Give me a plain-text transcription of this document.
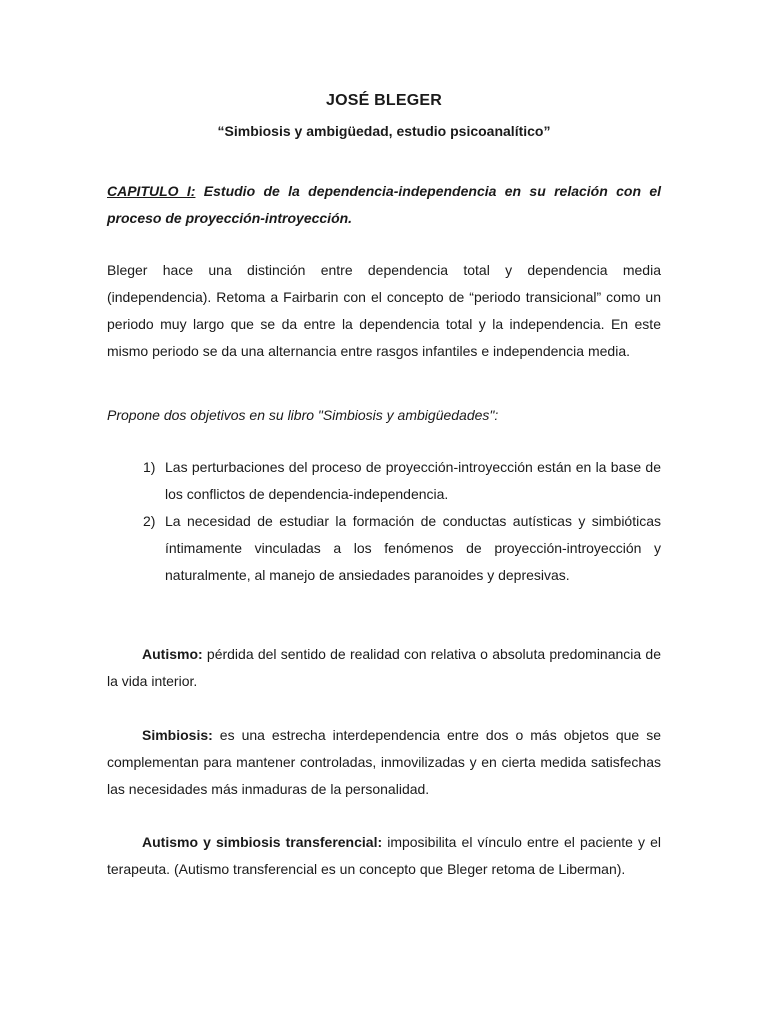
JOSÉ BLEGER
“Simbiosis y ambigüedad, estudio psicoanalítico”
CAPITULO I: Estudio de la dependencia-independencia en su relación con el proceso de proyección-introyección.
Bleger hace una distinción entre dependencia total y dependencia media (independencia). Retoma a Fairbarin con el concepto de “periodo transicional” como un periodo muy largo que se da entre la dependencia total y la independencia. En este mismo periodo se da una alternancia entre rasgos infantiles e independencia media.
Propone dos objetivos en su libro "Simbiosis y ambigüedades":
1) Las perturbaciones del proceso de proyección-introyección están en la base de los conflictos de dependencia-independencia.
2) La necesidad de estudiar la formación de conductas autísticas y simbióticas íntimamente vinculadas a los fenómenos de proyección-introyección y naturalmente, al manejo de ansiedades paranoides y depresivas.
Autismo: pérdida del sentido de realidad con relativa o absoluta predominancia de la vida interior.
Simbiosis: es una estrecha interdependencia entre dos o más objetos que se complementan para mantener controladas, inmovilizadas y en cierta medida satisfechas las necesidades más inmaduras de la personalidad.
Autismo y simbiosis transferencial: imposibilita el vínculo entre el paciente y el terapeuta. (Autismo transferencial es un concepto que Bleger retoma de Liberman).
